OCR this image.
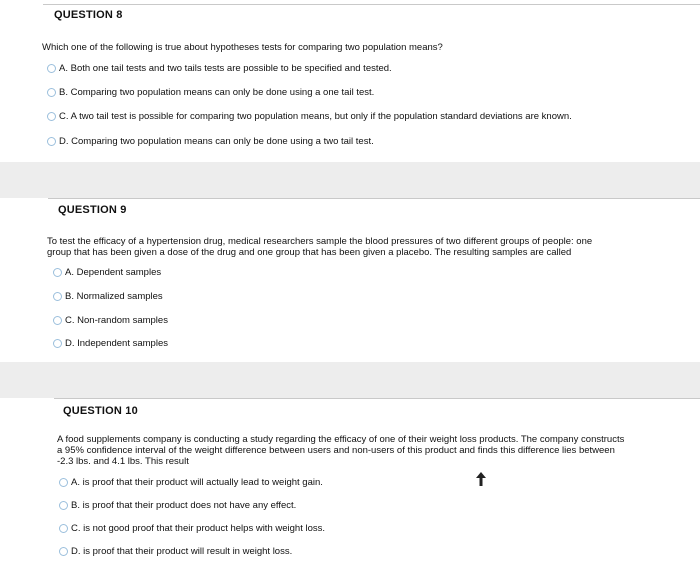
QUESTION 8
Which one of the following is true about hypotheses tests for comparing two population means?
A. Both one tail tests and two tails tests are possible to be specified and tested.
B. Comparing two population means can only be done using a one tail test.
C. A two tail test is possible for comparing two population means, but only if the population standard deviations are known.
D. Comparing two population means can only be done using a two tail test.
QUESTION 9
To test the efficacy of a hypertension drug, medical researchers sample the blood pressures of two different groups of people: one
group that has been given a dose of the drug and one group that has been given a placebo. The resulting samples are called
A. Dependent samples
B. Normalized samples
C. Non-random samples
D. Independent samples
QUESTION 10
A food supplements company is conducting a study regarding the efficacy of one of their weight loss products. The company constructs
a 95% confidence interval of the weight difference between users and non-users of this product and finds this difference lies between
-2.3 lbs. and 4.1 lbs. This result
A. is proof that their product will actually lead to weight gain.
B. is proof that their product does not have any effect.
C. is not good proof that their product helps with weight loss.
D. is proof that their product will result in weight loss.
